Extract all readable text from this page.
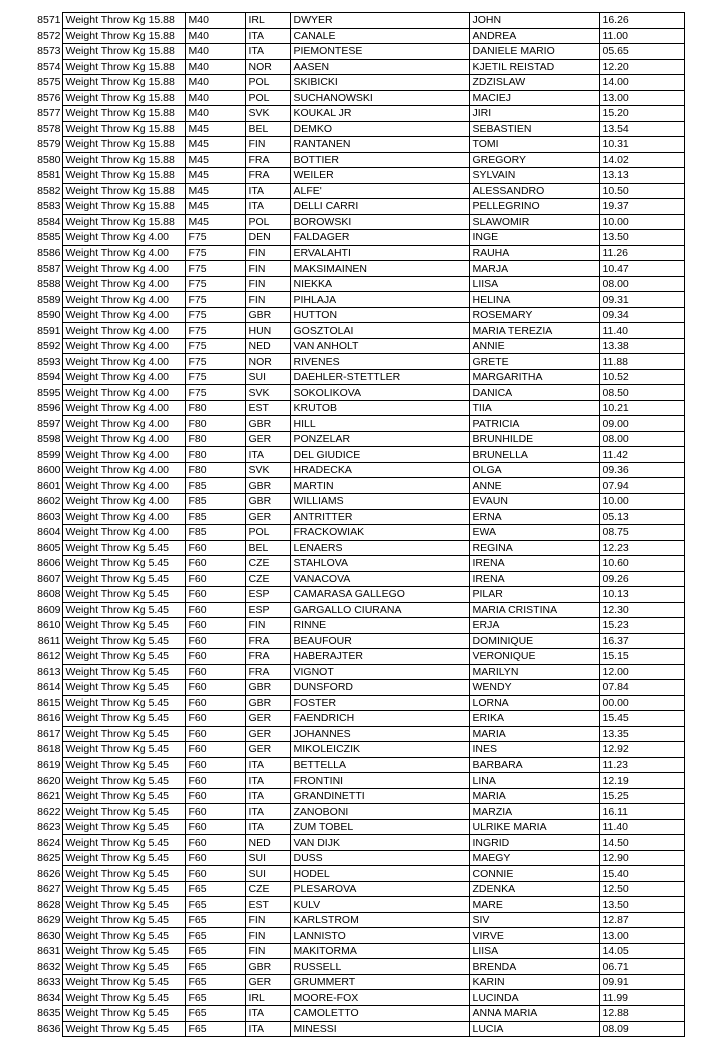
8571	Weight Throw Kg 15.88	M40	IRL	DWYER	JOHN	16.26
8572	Weight Throw Kg 15.88	M40	ITA	CANALE	ANDREA	11.00
8573	Weight Throw Kg 15.88	M40	ITA	PIEMONTESE	DANIELE MARIO	05.65
8574	Weight Throw Kg 15.88	M40	NOR	AASEN	KJETIL REISTAD	12.20
8575	Weight Throw Kg 15.88	M40	POL	SKIBICKI	ZDZISLAW	14.00
8576	Weight Throw Kg 15.88	M40	POL	SUCHANOWSKI	MACIEJ	13.00
8577	Weight Throw Kg 15.88	M40	SVK	KOUKAL JR	JIRI	15.20
8578	Weight Throw Kg 15.88	M45	BEL	DEMKO	SEBASTIEN	13.54
8579	Weight Throw Kg 15.88	M45	FIN	RANTANEN	TOMI	10.31
8580	Weight Throw Kg 15.88	M45	FRA	BOTTIER	GREGORY	14.02
8581	Weight Throw Kg 15.88	M45	FRA	WEILER	SYLVAIN	13.13
8582	Weight Throw Kg 15.88	M45	ITA	ALFE'	ALESSANDRO	10.50
8583	Weight Throw Kg 15.88	M45	ITA	DELLI CARRI	PELLEGRINO	19.37
8584	Weight Throw Kg 15.88	M45	POL	BOROWSKI	SLAWOMIR	10.00
8585	Weight Throw Kg 4.00	F75	DEN	FALDAGER	INGE	13.50
8586	Weight Throw Kg 4.00	F75	FIN	ERVALAHTI	RAUHA	11.26
8587	Weight Throw Kg 4.00	F75	FIN	MAKSIMAINEN	MARJA	10.47
8588	Weight Throw Kg 4.00	F75	FIN	NIEKKA	LIISA	08.00
8589	Weight Throw Kg 4.00	F75	FIN	PIHLAJA	HELINA	09.31
8590	Weight Throw Kg 4.00	F75	GBR	HUTTON	ROSEMARY	09.34
8591	Weight Throw Kg 4.00	F75	HUN	GOSZTOLAI	MARIA TEREZIA	11.40
8592	Weight Throw Kg 4.00	F75	NED	VAN ANHOLT	ANNIE	13.38
8593	Weight Throw Kg 4.00	F75	NOR	RIVENES	GRETE	11.88
8594	Weight Throw Kg 4.00	F75	SUI	DAEHLER-STETTLER	MARGARITHA	10.52
8595	Weight Throw Kg 4.00	F75	SVK	SOKOLIKOVA	DANICA	08.50
8596	Weight Throw Kg 4.00	F80	EST	KRUTOB	TIIA	10.21
8597	Weight Throw Kg 4.00	F80	GBR	HILL	PATRICIA	09.00
8598	Weight Throw Kg 4.00	F80	GER	PONZELAR	BRUNHILDE	08.00
8599	Weight Throw Kg 4.00	F80	ITA	DEL GIUDICE	BRUNELLA	11.42
8600	Weight Throw Kg 4.00	F80	SVK	HRADECKA	OLGA	09.36
8601	Weight Throw Kg 4.00	F85	GBR	MARTIN	ANNE	07.94
8602	Weight Throw Kg 4.00	F85	GBR	WILLIAMS	EVAUN	10.00
8603	Weight Throw Kg 4.00	F85	GER	ANTRITTER	ERNA	05.13
8604	Weight Throw Kg 4.00	F85	POL	FRACKOWIAK	EWA	08.75
8605	Weight Throw Kg 5.45	F60	BEL	LENAERS	REGINA	12.23
8606	Weight Throw Kg 5.45	F60	CZE	STAHLOVA	IRENA	10.60
8607	Weight Throw Kg 5.45	F60	CZE	VANACOVA	IRENA	09.26
8608	Weight Throw Kg 5.45	F60	ESP	CAMARASA GALLEGO	PILAR	10.13
8609	Weight Throw Kg 5.45	F60	ESP	GARGALLO CIURANA	MARIA CRISTINA	12.30
8610	Weight Throw Kg 5.45	F60	FIN	RINNE	ERJA	15.23
8611	Weight Throw Kg 5.45	F60	FRA	BEAUFOUR	DOMINIQUE	16.37
8612	Weight Throw Kg 5.45	F60	FRA	HABERAJTER	VERONIQUE	15.15
8613	Weight Throw Kg 5.45	F60	FRA	VIGNOT	MARILYN	12.00
8614	Weight Throw Kg 5.45	F60	GBR	DUNSFORD	WENDY	07.84
8615	Weight Throw Kg 5.45	F60	GBR	FOSTER	LORNA	00.00
8616	Weight Throw Kg 5.45	F60	GER	FAENDRICH	ERIKA	15.45
8617	Weight Throw Kg 5.45	F60	GER	JOHANNES	MARIA	13.35
8618	Weight Throw Kg 5.45	F60	GER	MIKOLEICZIK	INES	12.92
8619	Weight Throw Kg 5.45	F60	ITA	BETTELLA	BARBARA	11.23
8620	Weight Throw Kg 5.45	F60	ITA	FRONTINI	LINA	12.19
8621	Weight Throw Kg 5.45	F60	ITA	GRANDINETTI	MARIA	15.25
8622	Weight Throw Kg 5.45	F60	ITA	ZANOBONI	MARZIA	16.11
8623	Weight Throw Kg 5.45	F60	ITA	ZUM TOBEL	ULRIKE MARIA	11.40
8624	Weight Throw Kg 5.45	F60	NED	VAN DIJK	INGRID	14.50
8625	Weight Throw Kg 5.45	F60	SUI	DUSS	MAEGY	12.90
8626	Weight Throw Kg 5.45	F60	SUI	HODEL	CONNIE	15.40
8627	Weight Throw Kg 5.45	F65	CZE	PLESAROVA	ZDENKA	12.50
8628	Weight Throw Kg 5.45	F65	EST	KULV	MARE	13.50
8629	Weight Throw Kg 5.45	F65	FIN	KARLSTROM	SIV	12.87
8630	Weight Throw Kg 5.45	F65	FIN	LANNISTO	VIRVE	13.00
8631	Weight Throw Kg 5.45	F65	FIN	MAKITORMA	LIISA	14.05
8632	Weight Throw Kg 5.45	F65	GBR	RUSSELL	BRENDA	06.71
8633	Weight Throw Kg 5.45	F65	GER	GRUMMERT	KARIN	09.91
8634	Weight Throw Kg 5.45	F65	IRL	MOORE-FOX	LUCINDA	11.99
8635	Weight Throw Kg 5.45	F65	ITA	CAMOLETTO	ANNA MARIA	12.88
8636	Weight Throw Kg 5.45	F65	ITA	MINESSI	LUCIA	08.09
